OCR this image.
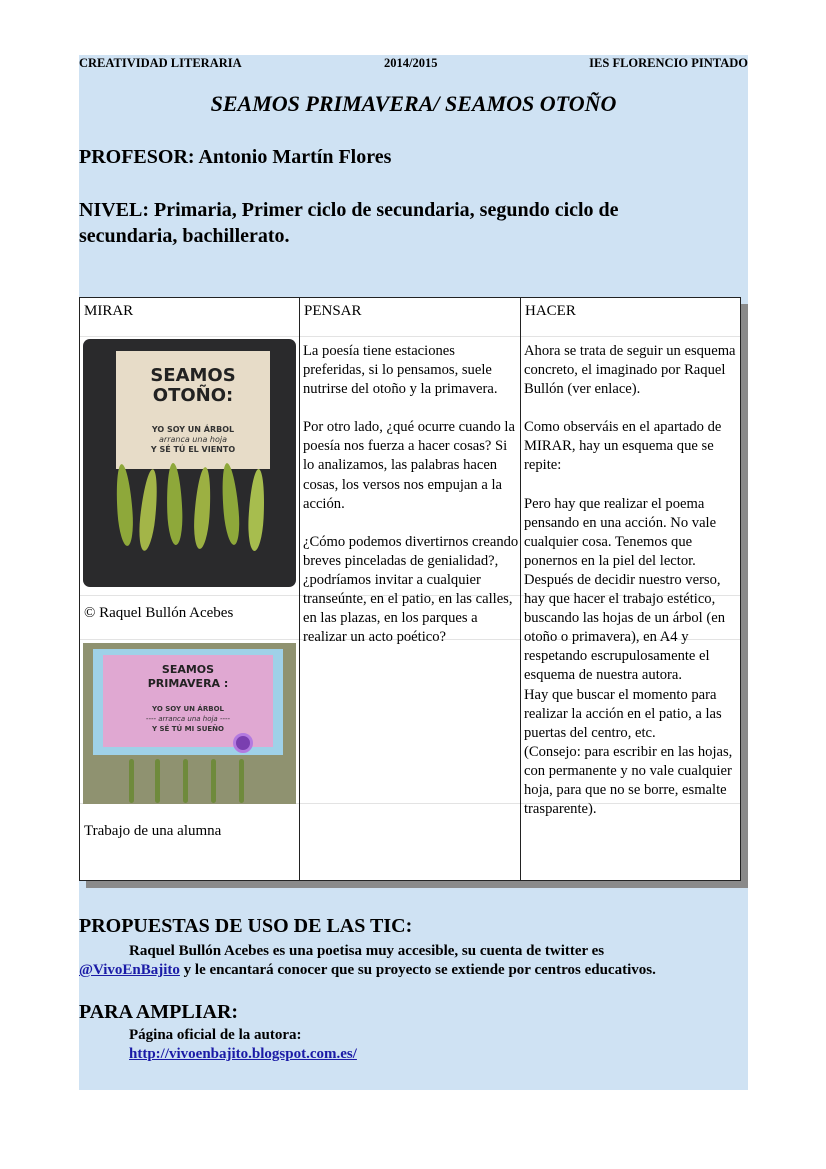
CREATIVIDAD LITERARIA	2014/2015	IES FLORENCIO PINTADO
SEAMOS PRIMAVERA/ SEAMOS OTOÑO
PROFESOR: Antonio Martín Flores
NIVEL: Primaria, Primer ciclo de secundaria, segundo ciclo de secundaria, bachillerato.
PROPUESTAS DE USO DE LAS TIC:
Raquel Bullón Acebes es una poetisa muy accesible, su cuenta de twitter es
@VivoEnBajito y le encantará conocer que su proyecto se extiende por centros educativos.
PARA AMPLIAR:
Página oficial de la autora:
http://vivoenbajito.blogspot.com.es/
MIRAR
SEAMOS
OTOÑO:
YO SOY UN ÁRBOL
arranca una hoja
Y SÉ TÚ EL VIENTO
© Raquel Bullón Acebes
SEAMOS
PRIMAVERA :
YO SOY UN ÁRBOL
---- arranca una hoja ----
Y SÉ TÚ MI SUEÑO
Trabajo de una alumna
PENSAR

La poesía tiene estaciones preferidas, si lo pensamos, suele nutrirse del otoño y la primavera.

Por otro lado, ¿qué ocurre cuando la poesía nos fuerza a hacer cosas? Si lo analizamos, las palabras hacen cosas, los versos nos empujan a la acción.

¿Cómo podemos divertirnos creando breves pinceladas de genialidad?, ¿podríamos invitar a cualquier transeúnte, en el patio, en las calles, en las plazas, en los parques a realizar un acto poético?

HACER

Ahora se trata de seguir un esquema concreto, el imaginado por Raquel Bullón (ver enlace).

Como observáis en el apartado de MIRAR, hay un esquema que se repite:

Pero hay que realizar el poema pensando en una acción. No vale cualquier cosa. Tenemos que ponernos en la piel del lector. Después de decidir nuestro verso, hay que hacer el trabajo estético, buscando las hojas de un árbol (en otoño o primavera), en A4 y respetando escrupulosamente el esquema de nuestra autora.

Hay que buscar el momento para realizar la acción en el patio, a las puertas del centro, etc.

(Consejo: para escribir en las hojas, con permanente y no vale cualquier hoja, para que no se borre, esmalte trasparente).
